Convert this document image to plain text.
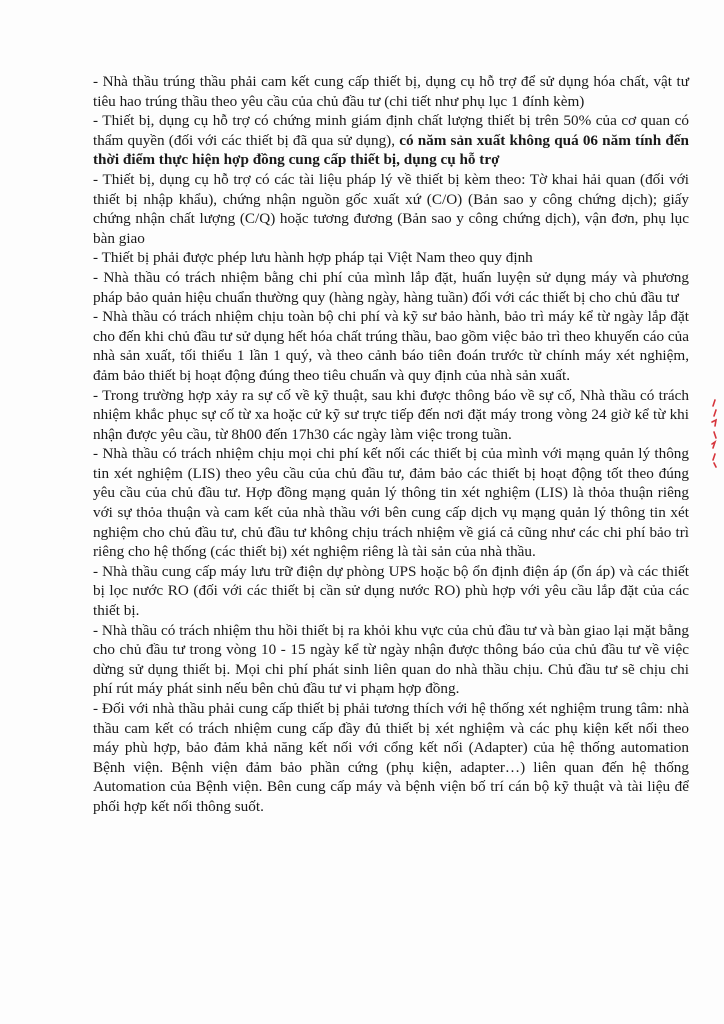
- Nhà thầu trúng thầu phải cam kết cung cấp thiết bị, dụng cụ hỗ trợ để sử dụng hóa chất, vật tư tiêu hao trúng thầu theo yêu cầu của chủ đầu tư (chi tiết như phụ lục 1 đính kèm)

- Thiết bị, dụng cụ hỗ trợ có chứng minh giám định chất lượng thiết bị trên 50% của cơ quan có thẩm quyền (đối với các thiết bị đã qua sử dụng), có năm sản xuất không quá 06 năm tính đến thời điểm thực hiện hợp đồng cung cấp thiết bị, dụng cụ hỗ trợ

- Thiết bị, dụng cụ hỗ trợ có các tài liệu pháp lý về thiết bị kèm theo: Tờ khai hải quan (đối với thiết bị nhập khẩu), chứng nhận nguồn gốc xuất xứ (C/O) (Bản sao y công chứng dịch); giấy chứng nhận chất lượng (C/Q) hoặc tương đương (Bản sao y công chứng dịch), vận đơn, phụ lục bàn giao

- Thiết bị phải được phép lưu hành hợp pháp tại Việt Nam theo quy định

- Nhà thầu có trách nhiệm bằng chi phí của mình lắp đặt, huấn luyện sử dụng máy và phương pháp bảo quản hiệu chuẩn thường quy (hàng ngày, hàng tuần) đối với các thiết bị cho chủ đầu tư

- Nhà thầu có trách nhiệm chịu toàn bộ chi phí và kỹ sư bảo hành, bảo trì máy kể từ ngày lắp đặt cho đến khi chủ đầu tư sử dụng hết hóa chất trúng thầu, bao gồm việc bảo trì theo khuyến cáo của nhà sản xuất, tối thiểu 1 lần 1 quý, và theo cảnh báo tiên đoán trước từ chính máy xét nghiệm, đảm bảo thiết bị hoạt động đúng theo tiêu chuẩn và quy định của nhà sản xuất.

- Trong trường hợp xảy ra sự cố về kỹ thuật, sau khi được thông báo về sự cố, Nhà thầu có trách nhiệm khắc phục sự cố từ xa hoặc cử kỹ sư trực tiếp đến nơi đặt máy trong vòng 24 giờ kể từ khi nhận được yêu cầu, từ 8h00 đến 17h30 các ngày làm việc trong tuần.

- Nhà thầu có trách nhiệm chịu mọi chi phí kết nối các thiết bị của mình với mạng quản lý thông tin xét nghiệm (LIS) theo yêu cầu của chủ đầu tư, đảm bảo các thiết bị hoạt động tốt theo đúng yêu cầu của chủ đầu tư. Hợp đồng mạng quản lý thông tin xét nghiệm (LIS) là thỏa thuận riêng với sự thỏa thuận và cam kết của nhà thầu với bên cung cấp dịch vụ mạng quản lý thông tin xét nghiệm cho chủ đầu tư, chủ đầu tư không chịu trách nhiệm về giá cả cũng như các chi phí bảo trì riêng cho hệ thống (các thiết bị) xét nghiệm riêng là tài sản của nhà thầu.

- Nhà thầu cung cấp máy lưu trữ điện dự phòng UPS hoặc bộ ổn định điện áp (ổn áp) và các thiết bị lọc nước RO (đối với các thiết bị cần sử dụng nước RO) phù hợp với yêu cầu lắp đặt của các thiết bị.

- Nhà thầu có trách nhiệm thu hồi thiết bị ra khỏi khu vực của chủ đầu tư và bàn giao lại mặt bằng cho chủ đầu tư trong vòng 10 - 15 ngày kể từ ngày nhận được thông báo của chủ đầu tư về việc dừng sử dụng thiết bị. Mọi chi phí phát sinh liên quan do nhà thầu chịu. Chủ đầu tư sẽ chịu chi phí rút máy phát sinh nếu bên chủ đầu tư vi phạm hợp đồng.

- Đối với nhà thầu phải cung cấp thiết bị phải tương thích với hệ thống xét nghiệm trung tâm: nhà thầu cam kết có trách nhiệm cung cấp đầy đủ thiết bị xét nghiệm và các phụ kiện kết nối theo máy phù hợp, bảo đảm khả năng kết nối với cổng kết nối (Adapter) của hệ thống automation Bệnh viện. Bệnh viện đảm bảo phần cứng (phụ kiện, adapter…) liên quan đến hệ thống Automation của Bệnh viện. Bên cung cấp máy và bệnh viện bố trí cán bộ kỹ thuật và tài liệu để phối hợp kết nối thông suốt.
